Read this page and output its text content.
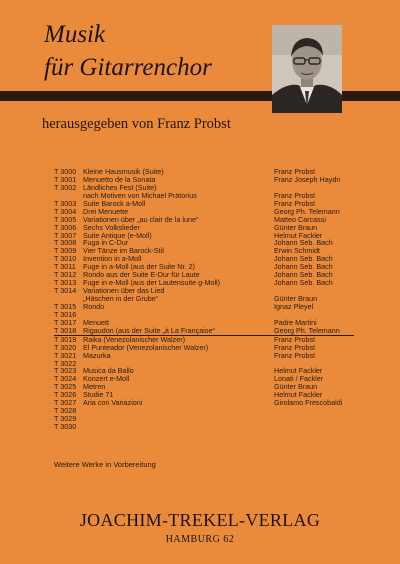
Musik
für Gitarrenchor
herausgegeben von Franz Probst
T 3000 Kleine Hausmusik (Suite)	Franz Probst
T 3001 Menuetto de la Sonata	Franz Joseph Haydn
T 3002 Ländliches Fest (Suite)
nach Motiven von Michael Prätorius	Franz Probst
T 3003 Suite Barock a-Moll	Franz Probst
T 3004 Drei Menuette	Georg Ph. Telemann
T 3005 Variationen über „au clair de la lune“	Matteo Carcassi
T 3006 Sechs Volkslieder	Günter Braun
T 3007 Suite Antique (e-Moll)	Helmut Fackler
T 3008 Fuga in C-Dur	Johann Seb. Bach
T 3009 Vier Tänze im Barock-Stil	Erwin Schmidt
T 3010 Invention in a-Moll	Johann Seb. Bach
T 3011 Fuge in a-Moll (aus der Suite Nr. 2)	Johann Seb. Bach
T 3012 Rondo aus der Suite E-Dur für Laute	Johann Seb. Bach
T 3013 Fuge in e-Moll (aus der Lautensuite g-Moll)	Johann Seb. Bach
T 3014 Variationen über das Lied
„Häschen in der Grube“	Günter Braun
T 3015 Rondo	Ignaz Pleyel
T 3016
T 3017 Menuett	Padre Martini
T 3018 Rigaudon (aus der Suite „à La Française“	Georg Ph. Telemann
T 3019 Raika (Venezolanischer Walzer)	Franz Probst
T 3020 El Punteador (Venezolanischer Walzer)	Franz Probst
T 3021 Mazurka	Franz Probst
T 3022
T 3023 Musica da Ballo	Helmut Fackler
T 3024 Konzert e-Moll	Lonati / Fackler
T 3025 Metren	Günter Braun
T 3026 Studie 71	Helmut Fackler
T 3027 Aria con Variazioni	Girolamo Frescobaldi
T 3028
T 3029
T 3030
Weitere Werke in Vorbereitung
JOACHIM-TREKEL-VERLAG
HAMBURG 62
